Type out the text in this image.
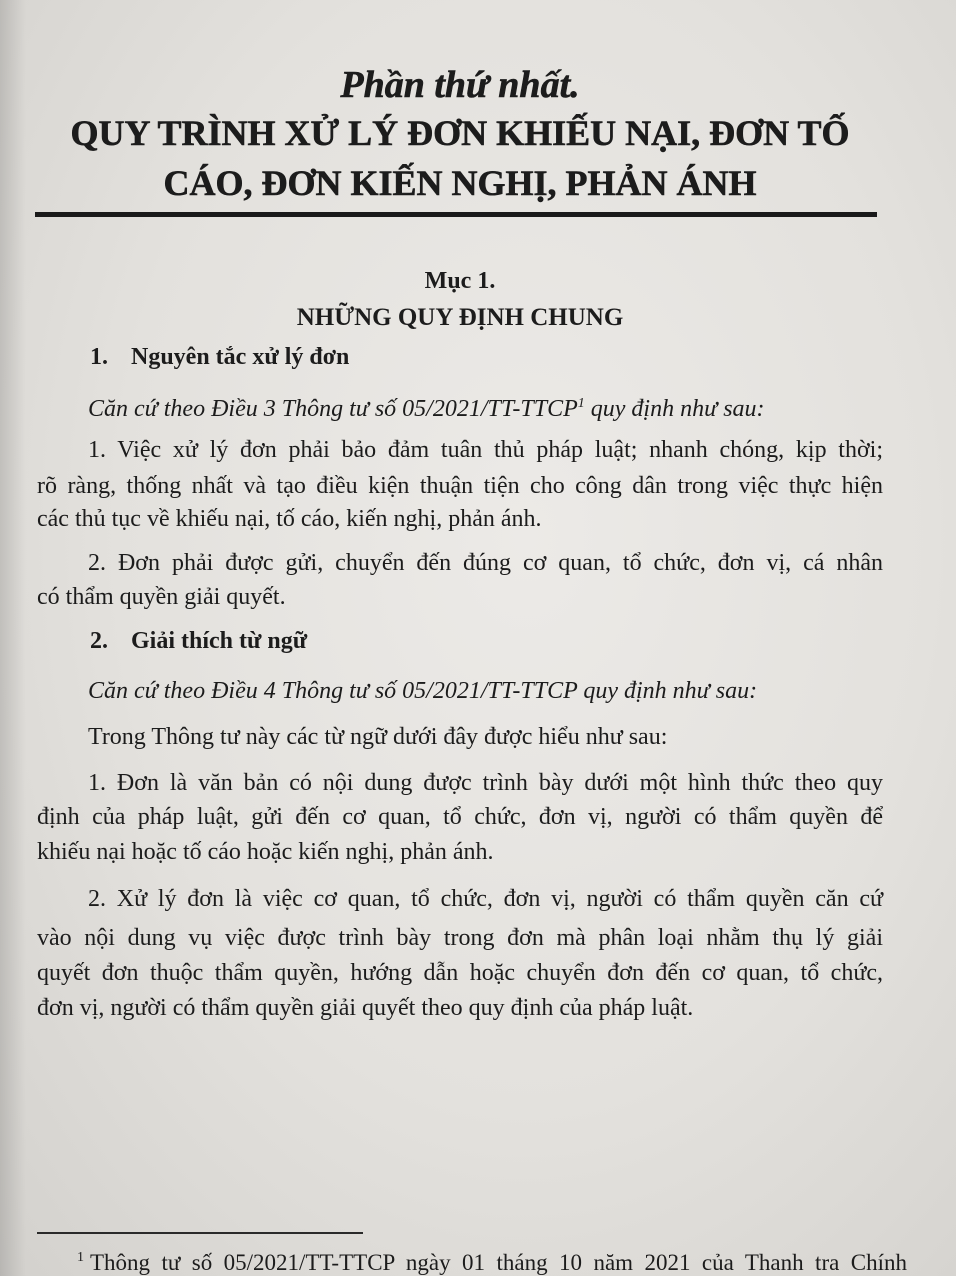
Phần thứ nhất.
QUY TRÌNH XỬ LÝ ĐƠN KHIẾU NẠI, ĐƠN TỐ
CÁO, ĐƠN KIẾN NGHỊ, PHẢN ÁNH
Mục 1.
NHỮNG QUY ĐỊNH CHUNG
1. Nguyên tắc xử lý đơn
Căn cứ theo Điều 3 Thông tư số 05/2021/TT-TTCP$^1$ quy định như sau:
1. Việc xử lý đơn phải bảo đảm tuân thủ pháp luật; nhanh chóng, kịp thời;
rõ ràng, thống nhất và tạo điều kiện thuận tiện cho công dân trong việc thực hiện
các thủ tục về khiếu nại, tố cáo, kiến nghị, phản ánh.
2. Đơn phải được gửi, chuyển đến đúng cơ quan, tổ chức, đơn vị, cá nhân
có thẩm quyền giải quyết.
2. Giải thích từ ngữ
Căn cứ theo Điều 4 Thông tư số 05/2021/TT-TTCP quy định như sau:
Trong Thông tư này các từ ngữ dưới đây được hiểu như sau:
1. Đơn là văn bản có nội dung được trình bày dưới một hình thức theo quy
định của pháp luật, gửi đến cơ quan, tổ chức, đơn vị, người có thẩm quyền để
khiếu nại hoặc tố cáo hoặc kiến nghị, phản ánh.
2. Xử lý đơn là việc cơ quan, tổ chức, đơn vị, người có thẩm quyền căn cứ
vào nội dung vụ việc được trình bày trong đơn mà phân loại nhằm thụ lý giải
quyết đơn thuộc thẩm quyền, hướng dẫn hoặc chuyển đơn đến cơ quan, tổ chức,
đơn vị, người có thẩm quyền giải quyết theo quy định của pháp luật.
$^1$ Thông tư số 05/2021/TT-TTCP ngày 01 tháng 10 năm 2021 của Thanh tra Chính
